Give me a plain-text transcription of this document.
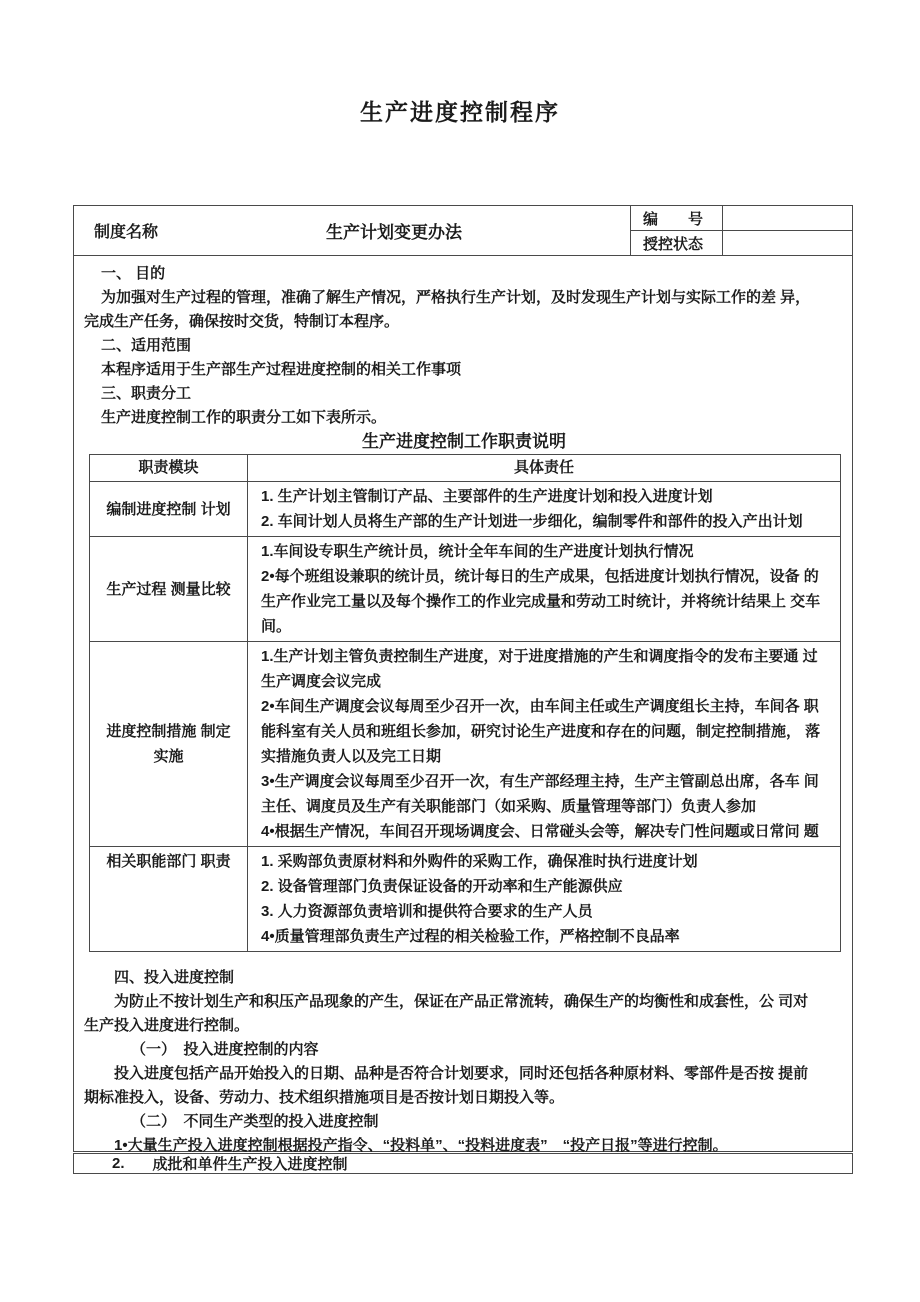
生产进度控制程序
制度名称	生产计划变更办法
编　　号
授控状态
一、 目的
为加强对生产过程的管理，准确了解生产情况，严格执行生产计划，及时发现生产计划与实际工作的差 异，
完成生产任务，确保按时交货，特制订本程序。
二、适用范围
本程序适用于生产部生产过程进度控制的相关工作事项
三、职责分工
生产进度控制工作的职责分工如下表所示。
生产进度控制工作职责说明
职责模块	具体责任
编制进度控制 计划
1. 生产计划主管制订产品、主要部件的生产进度计划和投入进度计划
2. 车间计划人员将生产部的生产计划进一步细化，编制零件和部件的投入产出计划
生产过程 测量比较
1.车间设专职生产统计员，统计全年车间的生产进度计划执行情况
2•每个班组设兼职的统计员，统计每日的生产成果，包括进度计划执行情况，设备 的
生产作业完工量以及每个操作工的作业完成量和劳动工时统计，并将统计结果上 交车
间。
进度控制措施 制定
实施
1.生产计划主管负责控制生产进度，对于进度措施的产生和调度指令的发布主要通 过
生产调度会议完成
2•车间生产调度会议每周至少召开一次，由车间主任或生产调度组长主持，车间各 职
能科室有关人员和班组长参加，研究讨论生产进度和存在的问题，制定控制措施， 落
实措施负责人以及完工日期
3•生产调度会议每周至少召开一次，有生产部经理主持，生产主管副总出席，各车 间
主任、调度员及生产有关职能部门（如采购、质量管理等部门）负责人参加
4•根据生产情况，车间召开现场调度会、日常碰头会等，解决专门性问题或日常问 题
相关职能部门 职责 1. 采购部负责原材料和外购件的采购工作，确保准时执行进度计划
2. 设备管理部门负责保证设备的开动率和生产能源供应
3. 人力资源部负责培训和提供符合要求的生产人员
4•质量管理部负责生产过程的相关检验工作，严格控制不良品率
四、投入进度控制
为防止不按计划生产和积压产品现象的产生，保证在产品正常流转，确保生产的均衡性和成套性，公 司对
生产投入进度进行控制。
（一）　投入进度控制的内容
投入进度包括产品开始投入的日期、品种是否符合计划要求，同时还包括各种原材料、零部件是否按 提前
期标准投入，设备、劳动力、技术组织措施项目是否按计划日期投入等。
（二）　不同生产类型的投入进度控制
1•大量生产投入进度控制根据投产指令、“投料单”、“投料进度表”　“投产日报”等进行控制。
2. 成批和单件生产投入进度控制
